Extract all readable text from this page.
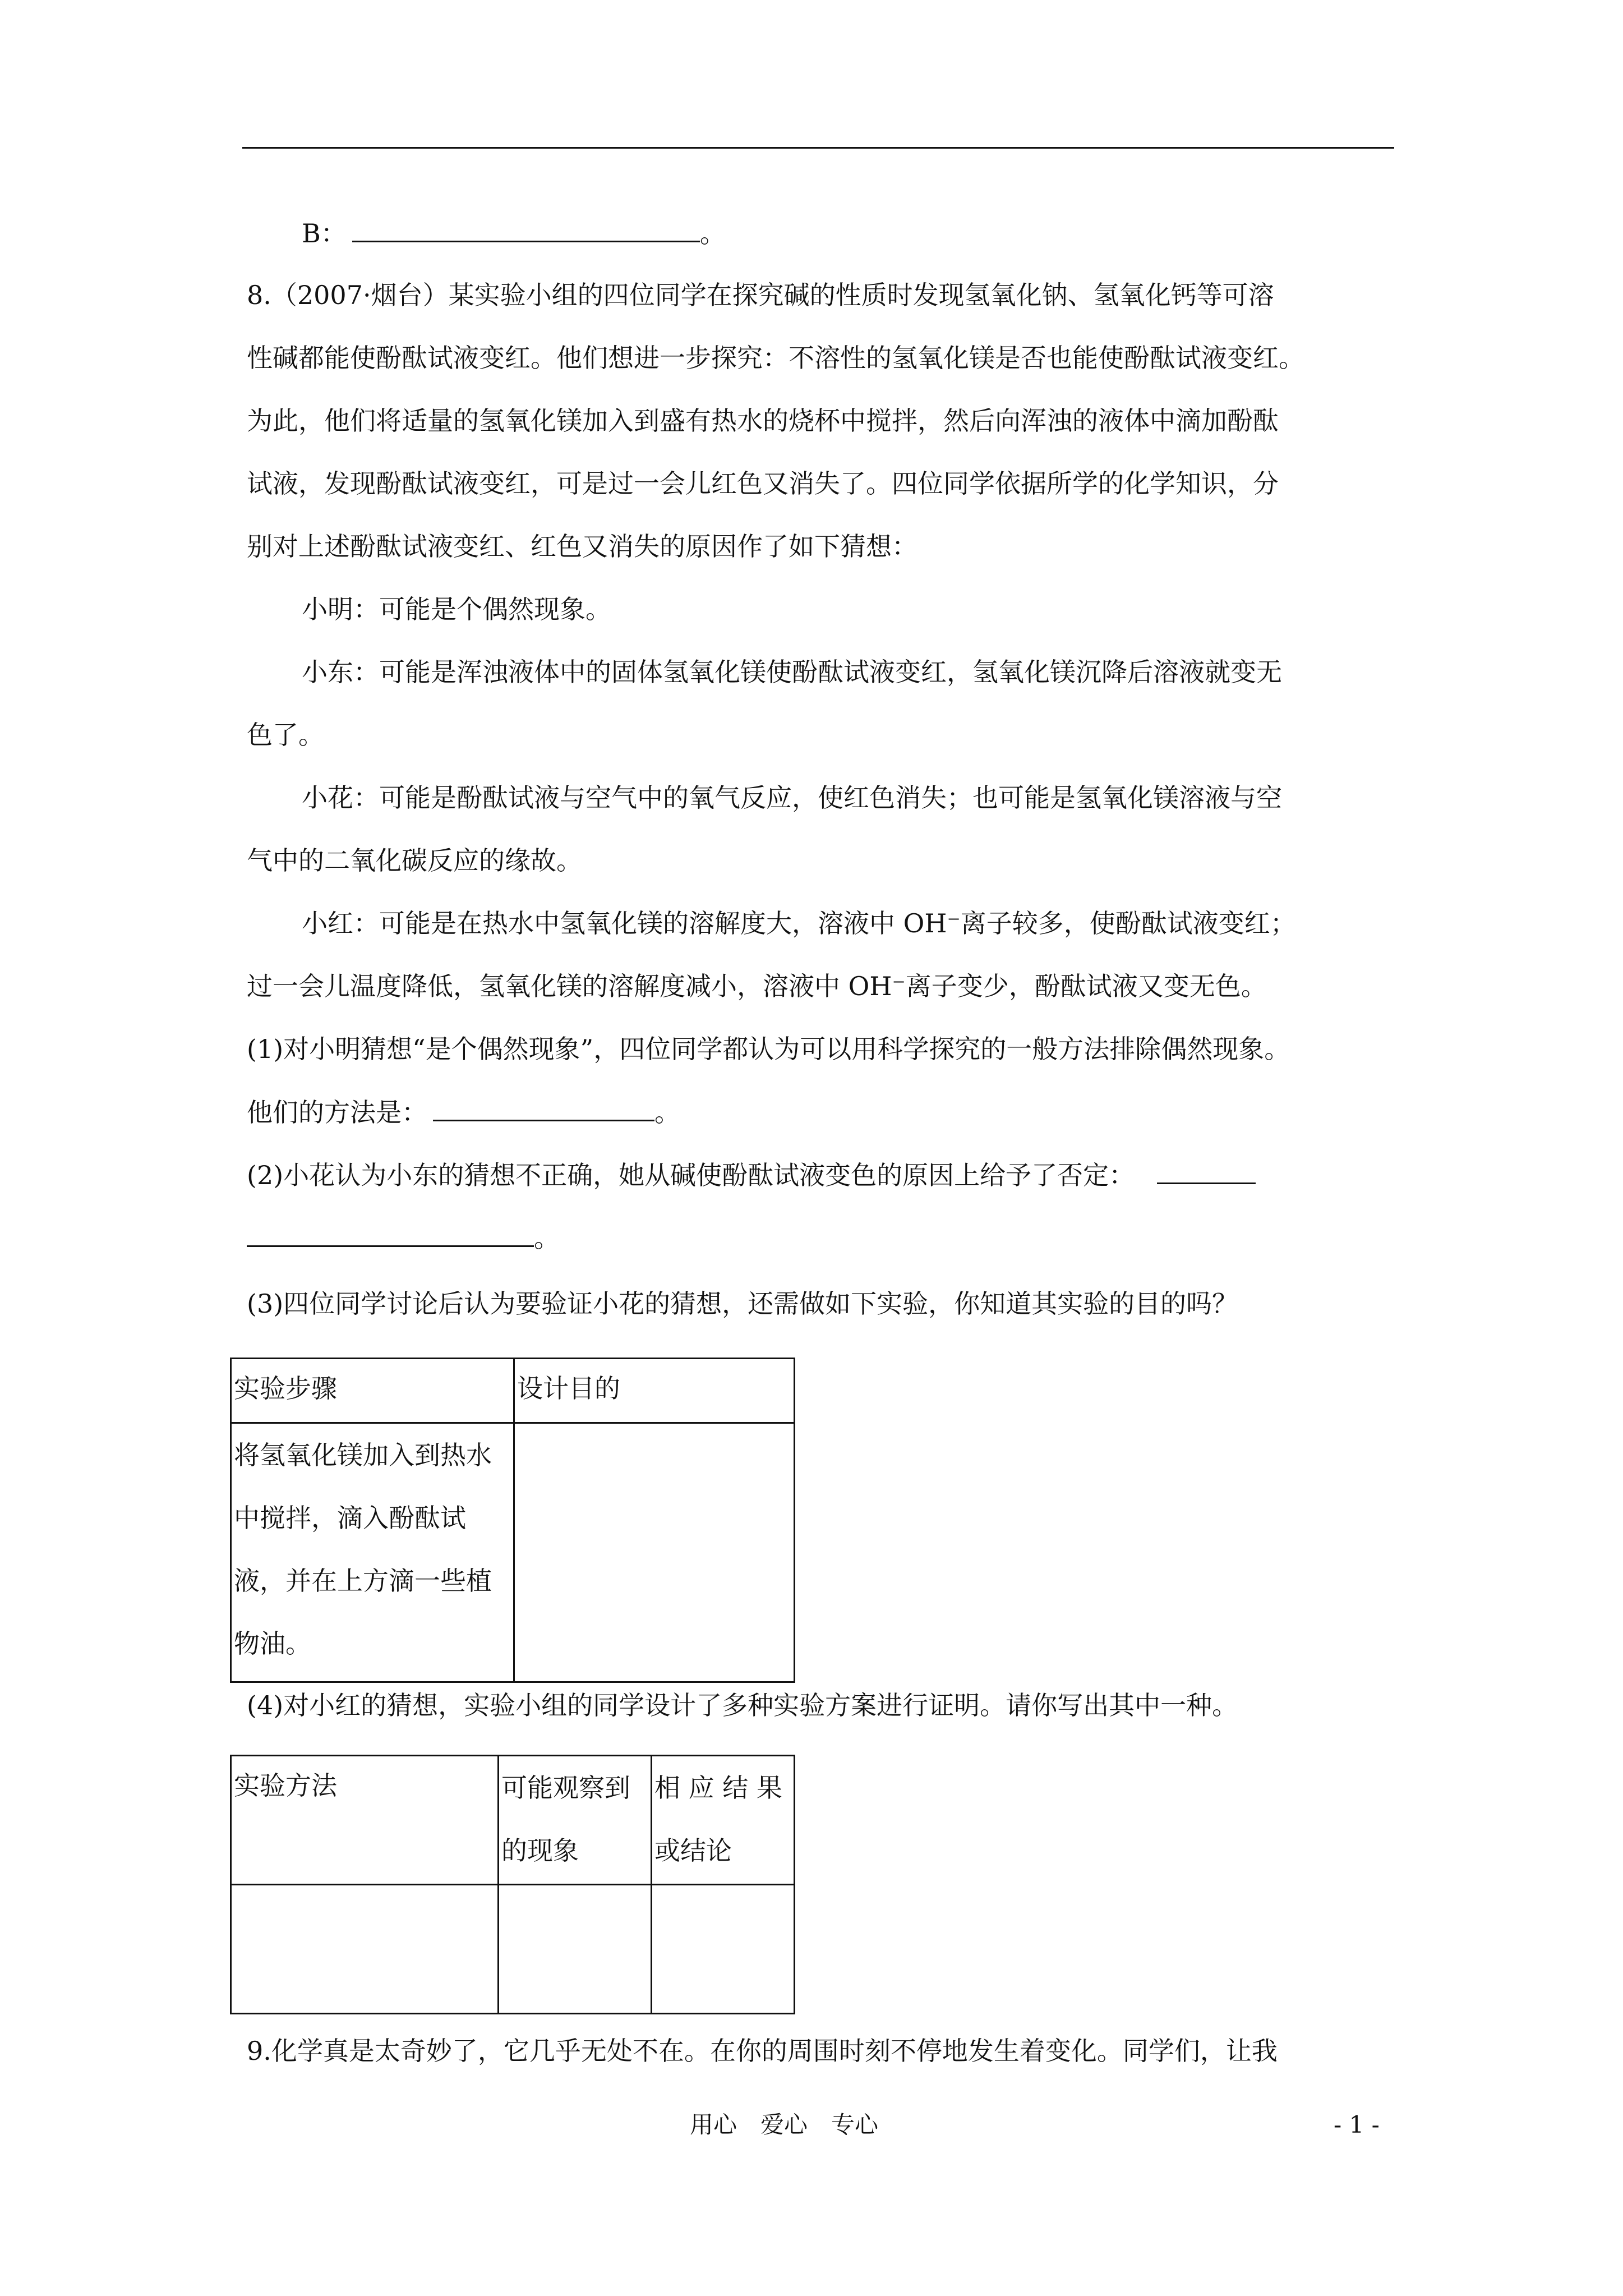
B：	。
8.（2007·烟台）某实验小组的四位同学在探究碱的性质时发现氢氧化钠、氢氧化钙等可溶
性碱都能使酚酞试液变红。他们想进一步探究：不溶性的氢氧化镁是否也能使酚酞试液变红。
为此，他们将适量的氢氧化镁加入到盛有热水的烧杯中搅拌，然后向浑浊的液体中滴加酚酞
试液，发现酚酞试液变红，可是过一会儿红色又消失了。四位同学依据所学的化学知识，分
别对上述酚酞试液变红、红色又消失的原因作了如下猜想：
小明：可能是个偶然现象。
小东：可能是浑浊液体中的固体氢氧化镁使酚酞试液变红，氢氧化镁沉降后溶液就变无
色了。
小花：可能是酚酞试液与空气中的氧气反应，使红色消失；也可能是氢氧化镁溶液与空
气中的二氧化碳反应的缘故。
小红：可能是在热水中氢氧化镁的溶解度大，溶液中 OH⁻离子较多，使酚酞试液变红；
过一会儿温度降低，氢氧化镁的溶解度减小，溶液中 OH⁻离子变少，酚酞试液又变无色。
(1)对小明猜想“是个偶然现象”，四位同学都认为可以用科学探究的一般方法排除偶然现象。
他们的方法是：	。
(2)小花认为小东的猜想不正确，她从碱使酚酞试液变色的原因上给予了否定：
。
(3)四位同学讨论后认为要验证小花的猜想，还需做如下实验，你知道其实验的目的吗？
实验步骤	设计目的
将氢氧化镁加入到热水中搅拌，滴入酚酞试液，并在上方滴一些植物油。	
(4)对小红的猜想，实验小组的同学设计了多种实验方案进行证明。请你写出其中一种。
实验方法	可能观察到的现象	相 应 结 果或结论

9.化学真是太奇妙了，它几乎无处不在。在你的周围时刻不停地发生着变化。同学们，让我
用心　爱心　专心	- 1 -
